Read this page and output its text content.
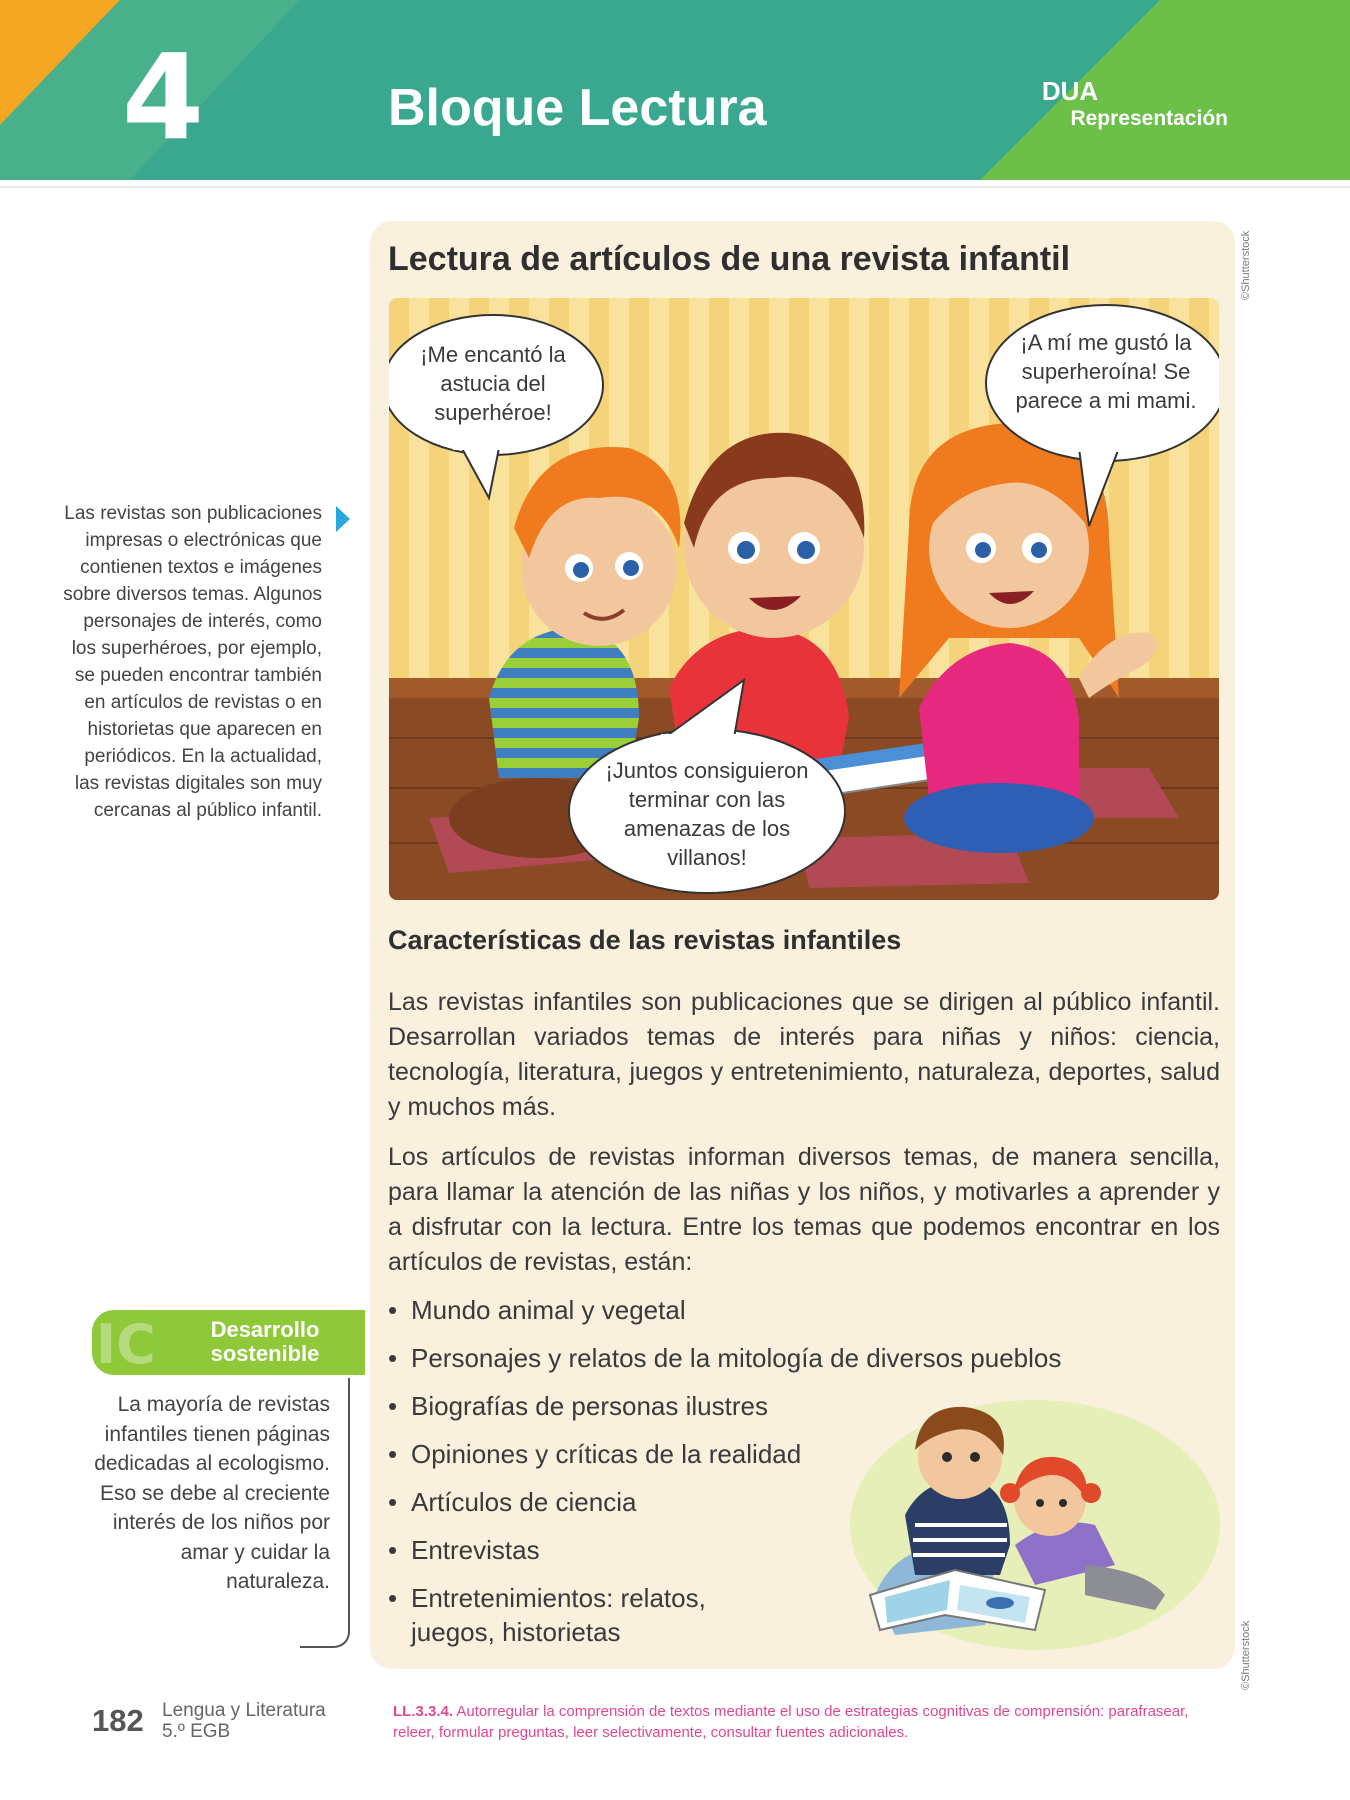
4	Bloque Lectura	DUA
Representación
Lectura de artículos de una revista infantil	©Shutterstock
¡Me encantó la astucia del superhéroe!
¡A mí me gustó la superheroína! Se parece a mi mami.
¡Juntos consiguieron terminar con las amenazas de los villanos!
Características de las revistas infantiles

Las revistas infantiles son publicaciones que se dirigen al público infantil. Desarrollan variados temas de interés para niñas y niños: ciencia, tecnología, literatura, juegos y entretenimiento, naturaleza, deportes, salud y muchos más.

Los artículos de revistas informan diversos temas, de manera sencilla, para llamar la atención de las niñas y los niños, y motivarles a aprender y a disfrutar con la lectura. Entre los temas que podemos encontrar en los artículos de revistas, están:

• Mundo animal y vegetal
• Personajes y relatos de la mitología de diversos pueblos
• Biografías de personas ilustres
• Opiniones y críticas de la realidad
• Artículos de ciencia
• Entrevistas
• Entretenimientos: relatos, juegos, historietas	©Shutterstock
Las revistas son publicaciones impresas o electrónicas que contienen textos e imágenes sobre diversos temas. Algunos personajes de interés, como los superhéroes, por ejemplo, se pueden encontrar también en artículos de revistas o en historietas que aparecen en periódicos. En la actualidad, las revistas digitales son muy cercanas al público infantil.
IC	Desarrollo sostenible
La mayoría de revistas infantiles tienen páginas dedicadas al ecologismo. Eso se debe al creciente interés de los niños por amar y cuidar la naturaleza.
182 Lengua y Literatura
5.º EGB
LL.3.3.4. Autorregular la comprensión de textos mediante el uso de estrategias cognitivas de comprensión: parafrasear, releer, formular preguntas, leer selectivamente, consultar fuentes adicionales.
